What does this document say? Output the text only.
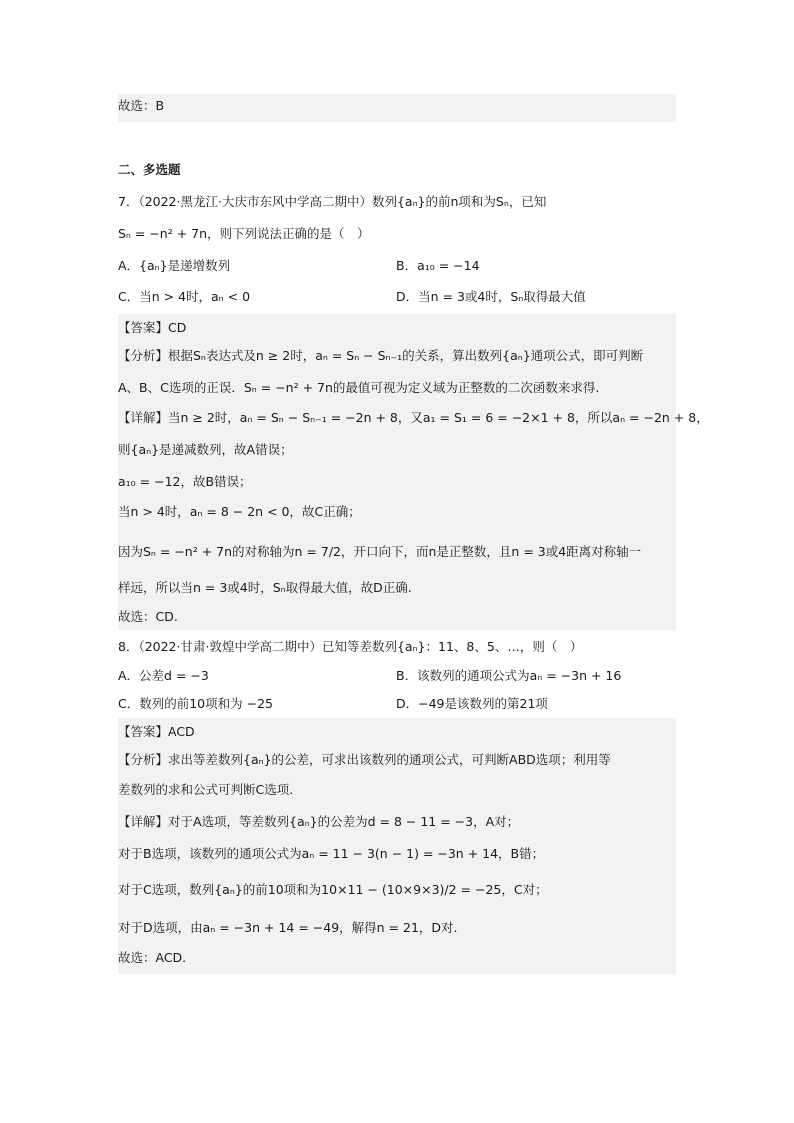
故选：B
二、多选题
7．（2022·黑龙江·大庆市东风中学高二期中）数列{aₙ}的前n项和为Sₙ，已知
Sₙ = −n² + 7n，则下列说法正确的是（　）
A．{aₙ}是递增数列	B．a₁₀ = −14
C．当n > 4时，aₙ < 0	D．当n = 3或4时，Sₙ取得最大值
【答案】CD
【分析】根据Sₙ表达式及n ≥ 2时，aₙ = Sₙ − Sₙ₋₁的关系，算出数列{aₙ}通项公式，即可判断
A、B、C选项的正误．Sₙ = −n² + 7n的最值可视为定义域为正整数的二次函数来求得.
【详解】当n ≥ 2时，aₙ = Sₙ − Sₙ₋₁ = −2n + 8，又a₁ = S₁ = 6 = −2×1 + 8，所以aₙ = −2n + 8，
则{aₙ}是递减数列，故A错误；
a₁₀ = −12，故B错误；
当n > 4时，aₙ = 8 − 2n < 0，故C正确；
因为Sₙ = −n² + 7n的对称轴为n = 7/2，开口向下，而n是正整数，且n = 3或4距离对称轴一
样远，所以当n = 3或4时，Sₙ取得最大值，故D正确.
故选：CD.
8．（2022·甘肃·敦煌中学高二期中）已知等差数列{aₙ}：11、8、5、…，则（　）
A．公差d = −3	B．该数列的通项公式为aₙ = −3n + 16
C．数列的前10项和为 −25	D．−49是该数列的第21项
【答案】ACD
【分析】求出等差数列{aₙ}的公差，可求出该数列的通项公式，可判断ABD选项；利用等
差数列的求和公式可判断C选项.
【详解】对于A选项，等差数列{aₙ}的公差为d = 8 − 11 = −3，A对；
对于B选项，该数列的通项公式为aₙ = 11 − 3(n − 1) = −3n + 14，B错；
对于C选项，数列{aₙ}的前10项和为10×11 − (10×9×3)/2 = −25，C对；
对于D选项，由aₙ = −3n + 14 = −49，解得n = 21，D对.
故选：ACD.
